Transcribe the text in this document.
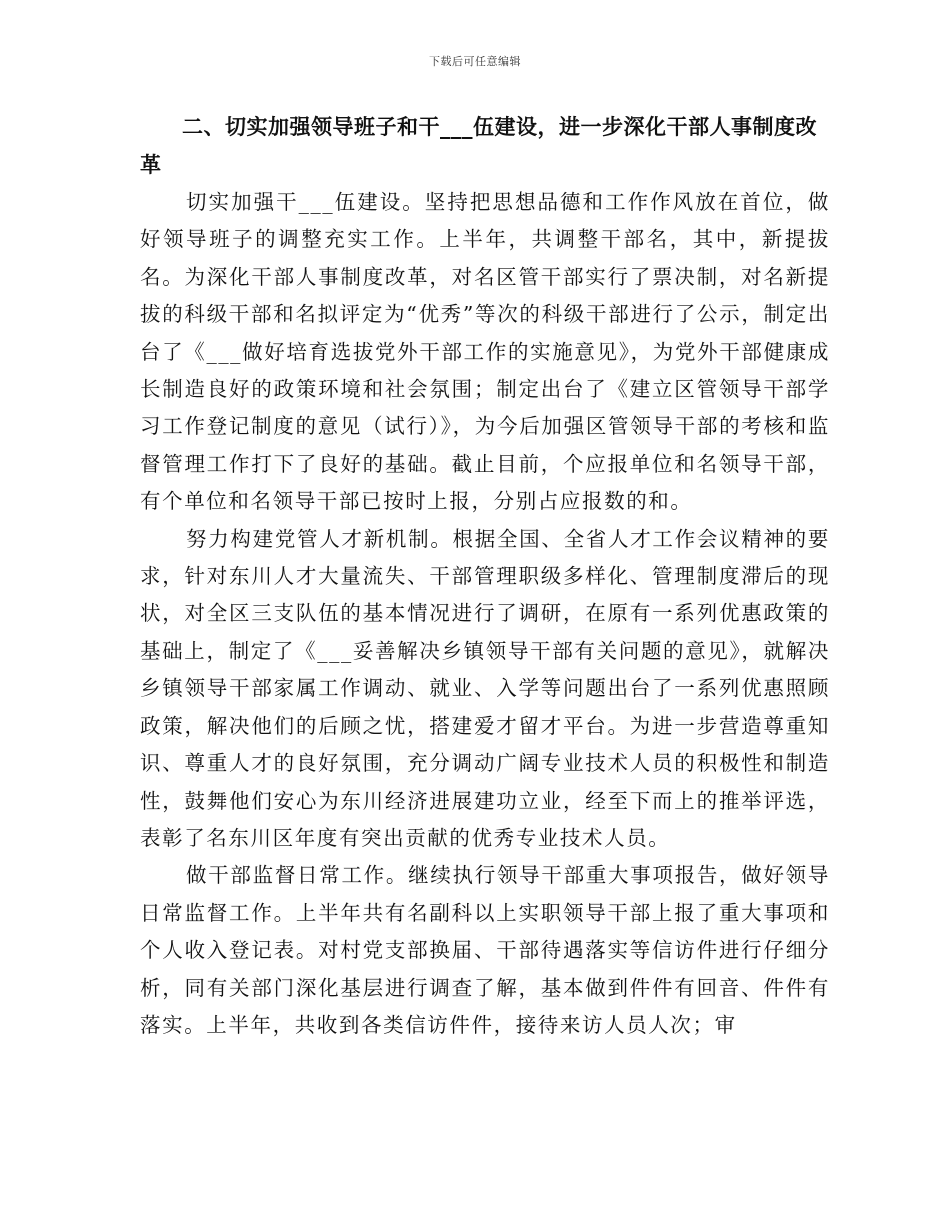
下载后可任意编辑
二、切实加强领导班子和干___伍建设，进一步深化干部人事制度改革

切实加强干___伍建设。坚持把思想品德和工作作风放在首位，做好领导班子的调整充实工作。上半年，共调整干部名，其中，新提拔名。为深化干部人事制度改革，对名区管干部实行了票决制，对名新提拔的科级干部和名拟评定为“优秀”等次的科级干部进行了公示，制定出台了《___做好培育选拔党外干部工作的实施意见》，为党外干部健康成长制造良好的政策环境和社会氛围；制定出台了《建立区管领导干部学习工作登记制度的意见（试行）》，为今后加强区管领导干部的考核和监督管理工作打下了良好的基础。截止目前，个应报单位和名领导干部，有个单位和名领导干部已按时上报，分别占应报数的和。

努力构建党管人才新机制。根据全国、全省人才工作会议精神的要求，针对东川人才大量流失、干部管理职级多样化、管理制度滞后的现状，对全区三支队伍的基本情况进行了调研，在原有一系列优惠政策的基础上，制定了《___妥善解决乡镇领导干部有关问题的意见》，就解决乡镇领导干部家属工作调动、就业、入学等问题出台了一系列优惠照顾政策，解决他们的后顾之忧，搭建爱才留才平台。为进一步营造尊重知识、尊重人才的良好氛围，充分调动广阔专业技术人员的积极性和制造性，鼓舞他们安心为东川经济进展建功立业，经至下而上的推举评选，表彰了名东川区年度有突出贡献的优秀专业技术人员。

做干部监督日常工作。继续执行领导干部重大事项报告，做好领导日常监督工作。上半年共有名副科以上实职领导干部上报了重大事项和个人收入登记表。对村党支部换届、干部待遇落实等信访件进行仔细分析，同有关部门深化基层进行调查了解，基本做到件件有回音、件件有落实。上半年，共收到各类信访件件，接待来访人员人次；审
